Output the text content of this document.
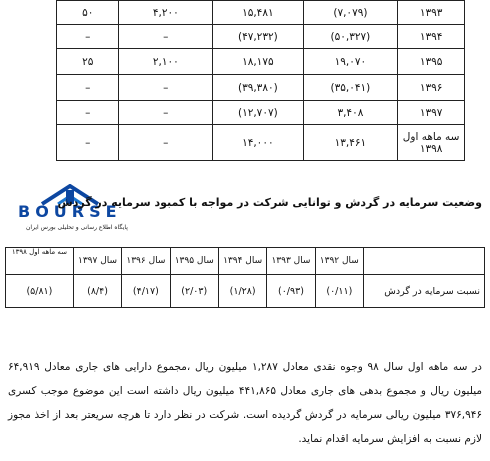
۱۳۹۳	(۷,۰۷۹)	۱۵,۴۸۱	۴,۲۰۰	۵۰
۱۳۹۴	(۵۰,۳۲۷)	(۴۷,۲۳۲)	–	–
۱۳۹۵	۱۹,۰۷۰	۱۸,۱۷۵	۲,۱۰۰	۲۵
۱۳۹۶	(۳۵,۰۴۱)	(۳۹,۳۸۰)	–	–
۱۳۹۷	۳,۴۰۸	(۱۲,۷۰۷)	–	–
سه ماهه اول ۱۳۹۸	۱۳,۴۶۱	۱۴,۰۰۰	–	–
BOURSE
پایگاه اطلاع رسانی و تحلیلی بورس ایران
وضعیت سرمایه در گردش و توانایی شرکت در مواجه با کمبود سرمایه در گردش
	سال ۱۳۹۲	سال ۱۳۹۳	سال ۱۳۹۴	سال ۱۳۹۵	سال ۱۳۹۶	سال ۱۳۹۷	سه ماهه اول ۱۳۹۸
نسبت سرمایه در گردش	(۰/۱۱)	(۰/۹۳)	(۱/۲۸)	(۲/۰۳)	(۴/۱۷)	(۸/۴)	(۵/۸۱)

در سه ماهه اول سال ۹۸ وجوه نقدی معادل ۱,۲۸۷ میلیون ریال ،مجموع دارایی های جاری معادل ۶۴,۹۱۹ میلیون ریال و مجموع بدهی های جاری معادل ۴۴۱,۸۶۵ میلیون ریال داشته است این موضوع موجب کسری ۳۷۶,۹۴۶ میلیون ریالی سرمایه در گردش گردیده است. شرکت در نظر دارد تا هرچه سریعتر بعد از اخذ مجوز لازم نسبت به افزایش سرمایه اقدام نماید.
